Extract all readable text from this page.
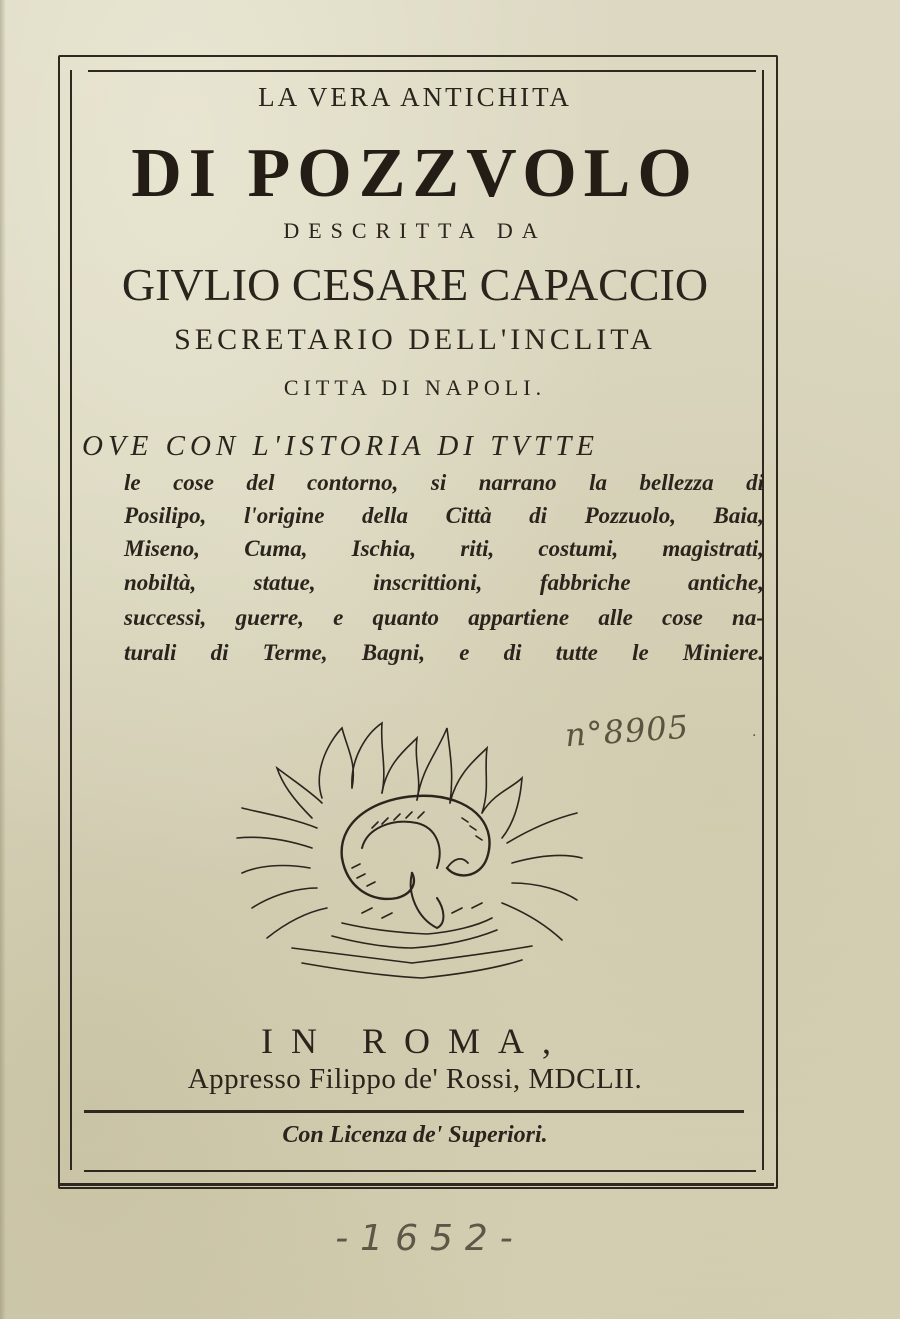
LA VERA ANTICHITA
DI POZZVOLO
DESCRITTA DA
GIVLIO CESARE CAPACCIO
SECRETARIO DELL'INCLITA
CITTA DI NAPOLI.
OVE CON L'ISTORIA DI TVTTE
le cose del contorno, si narrano la bellezza di
Posilipo, l'origine della Città di Pozzuolo, Baia,
Miseno, Cuma, Ischia, riti, costumi, magistrati,
nobiltà, statue, inscrittioni, fabbriche antiche,
successi, guerre, e quanto appartiene alle cose na-
turali di Terme, Bagni, e di tutte le Miniere.
n°8905	·
IN ROMA,
Appresso Filippo de' Rossi, MDCLII.
Con Licenza de' Superiori.
-1652-
